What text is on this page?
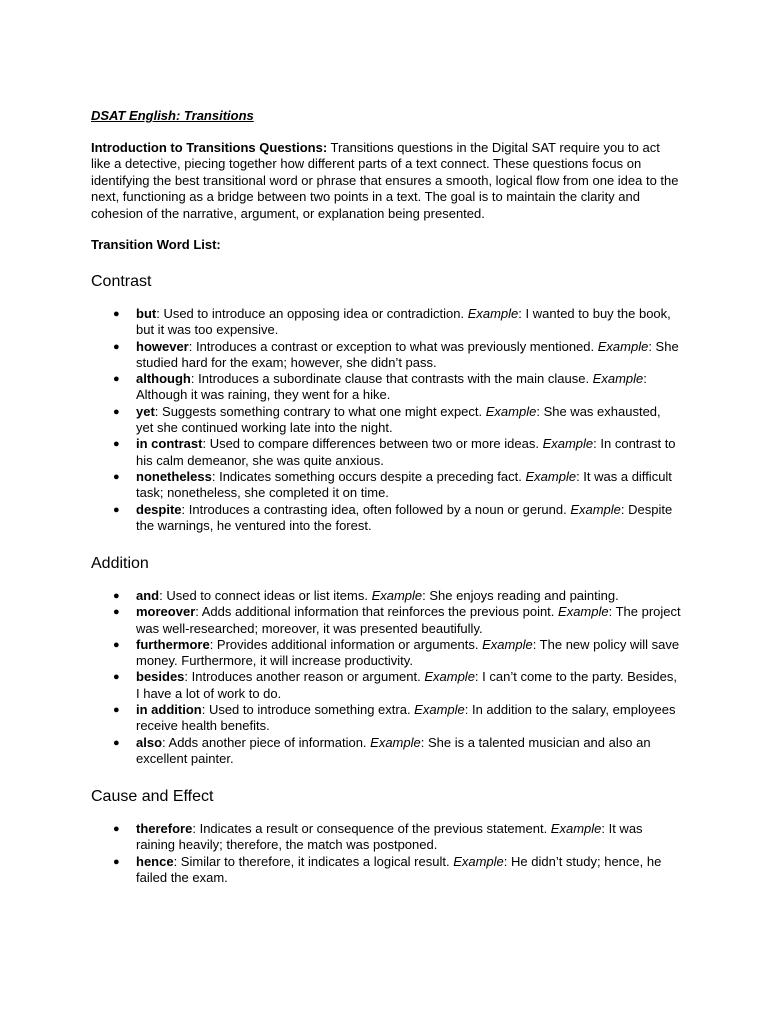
DSAT English: Transitions

Introduction to Transitions Questions: Transitions questions in the Digital SAT require you to act like a detective, piecing together how different parts of a text connect. These questions focus on identifying the best transitional word or phrase that ensures a smooth, logical flow from one idea to the next, functioning as a bridge between two points in a text. The goal is to maintain the clarity and cohesion of the narrative, argument, or explanation being presented.

Transition Word List:

Contrast
● but: Used to introduce an opposing idea or contradiction. Example: I wanted to buy the book, but it was too expensive.
● however: Introduces a contrast or exception to what was previously mentioned. Example: She studied hard for the exam; however, she didn’t pass.
● although: Introduces a subordinate clause that contrasts with the main clause. Example: Although it was raining, they went for a hike.
● yet: Suggests something contrary to what one might expect. Example: She was exhausted, yet she continued working late into the night.
● in contrast: Used to compare differences between two or more ideas. Example: In contrast to his calm demeanor, she was quite anxious.
● nonetheless: Indicates something occurs despite a preceding fact. Example: It was a difficult task; nonetheless, she completed it on time.
● despite: Introduces a contrasting idea, often followed by a noun or gerund. Example: Despite the warnings, he ventured into the forest.
Addition
● and: Used to connect ideas or list items. Example: She enjoys reading and painting.
● moreover: Adds additional information that reinforces the previous point. Example: The project was well-researched; moreover, it was presented beautifully.
● furthermore: Provides additional information or arguments. Example: The new policy will save money. Furthermore, it will increase productivity.
● besides: Introduces another reason or argument. Example: I can’t come to the party. Besides, I have a lot of work to do.
● in addition: Used to introduce something extra. Example: In addition to the salary, employees receive health benefits.
● also: Adds another piece of information. Example: She is a talented musician and also an excellent painter.
Cause and Effect
● therefore: Indicates a result or consequence of the previous statement. Example: It was raining heavily; therefore, the match was postponed.
● hence: Similar to therefore, it indicates a logical result. Example: He didn’t study; hence, he failed the exam.
